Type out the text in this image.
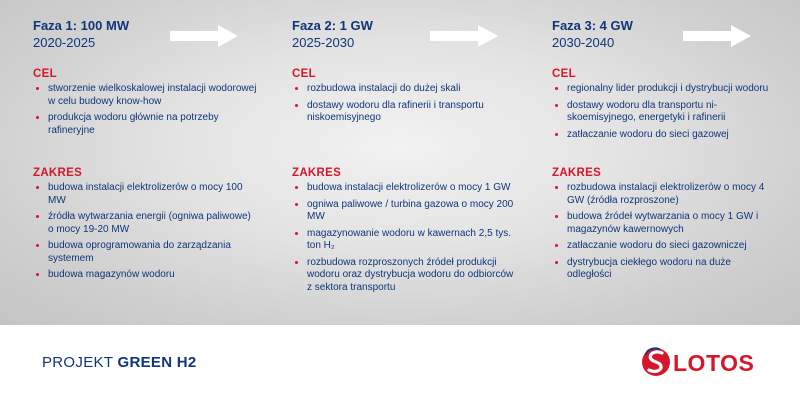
Faza 1: 100 MW
2020-2025
CEL
stworzenie wielkoskalowej instalacji wodorowej w celu budowy know-how
produkcja wodoru głównie na potrzeby rafineryjne
ZAKRES
budowa instalacji elektrolizerów o mocy 100 MW
źródła wytwarzania energii (ogniwa paliwowe) o mocy 19-20 MW
budowa oprogramowania do zarządzania systemem
budowa magazynów wodoru
Faza 2: 1 GW
2025-2030
CEL
rozbudowa instalacji do dużej skali
dostawy wodoru dla rafinerii i transportu niskoemisyjnego
ZAKRES
budowa instalacji elektrolizerów o mocy 1 GW
ogniwa paliwowe / turbina gazowa o mocy 200 MW
magazynowanie wodoru w kawernach 2,5 tys. ton H₂
rozbudowa rozproszonych źródeł produkcji wodoru oraz dystrybucja wodoru do odbiorców z sektora transportu
Faza 3: 4 GW
2030-2040
CEL
regionalny lider produkcji i dystrybucji wodoru
dostawy wodoru dla transportu ni-skoemisyjnego, energetyki i rafinerii
zatłaczanie wodoru do sieci gazowej
ZAKRES
rozbudowa instalacji elektrolizerów o mocy 4 GW (źródła rozproszone)
budowa źródeł wytwarzania o mocy 1 GW i magazynów kawernowych
zatłaczanie wodoru do sieci gazowniczej
dystrybucja ciekłego wodoru na duże odległości
PROJEKT GREEN H2	LOTOS
